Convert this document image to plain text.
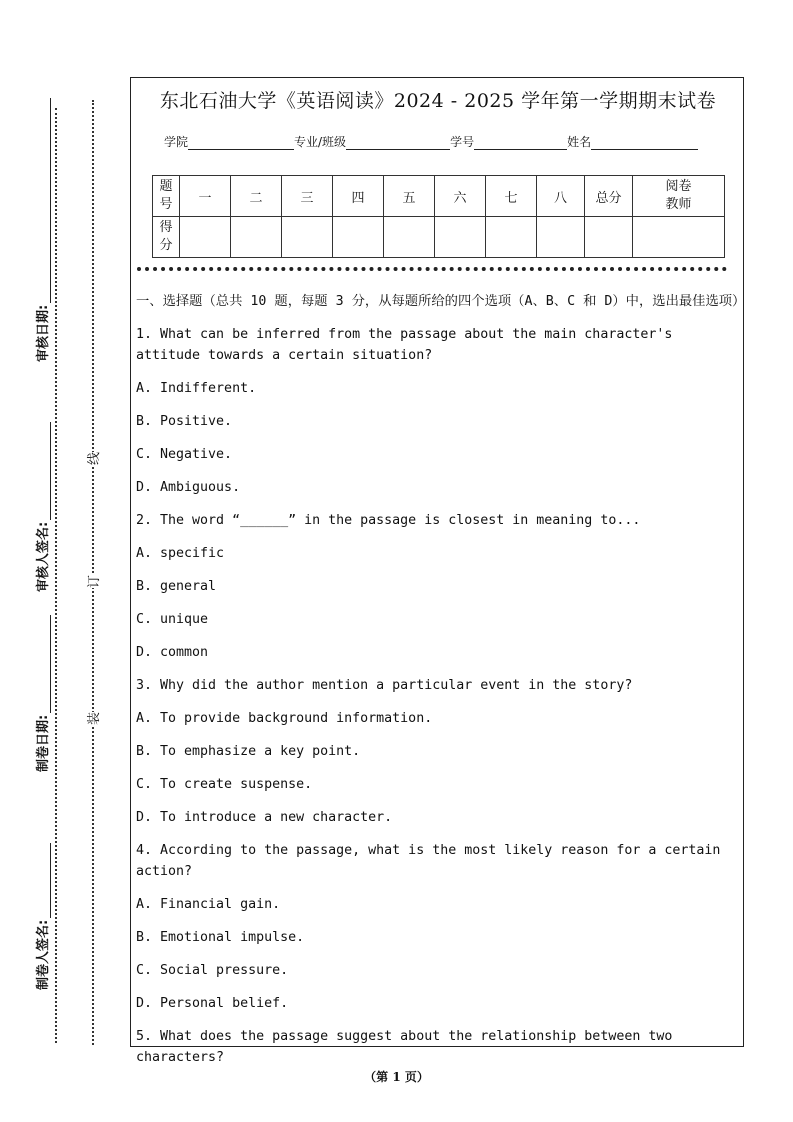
审核日期:
审核人签名:
制卷日期:
制卷人签名:
线
订
装
东北石油大学《英语阅读》2024 - 2025 学年第一学期期末试卷
学院	专业/班级	学号	姓名
题号	一	二	三	四	五	六	七	八	总分	阅卷教师

得分										

一、选择题（总共 10 题，每题 3 分，从每题所给的四个选项（A、B、C 和 D）中，选出最佳选项）

1. What can be inferred from the passage about the main character's attitude towards a certain situation?

A. Indifferent.

B. Positive.

C. Negative.

D. Ambiguous.

2. The word “______” in the passage is closest in meaning to...

A. specific

B. general

C. unique

D. common

3. Why did the author mention a particular event in the story?

A. To provide background information.

B. To emphasize a key point.

C. To create suspense.

D. To introduce a new character.

4. According to the passage, what is the most likely reason for a certain action?

A. Financial gain.

B. Emotional impulse.

C. Social pressure.

D. Personal belief.

5. What does the passage suggest about the relationship between two characters?

（第 1 页）
